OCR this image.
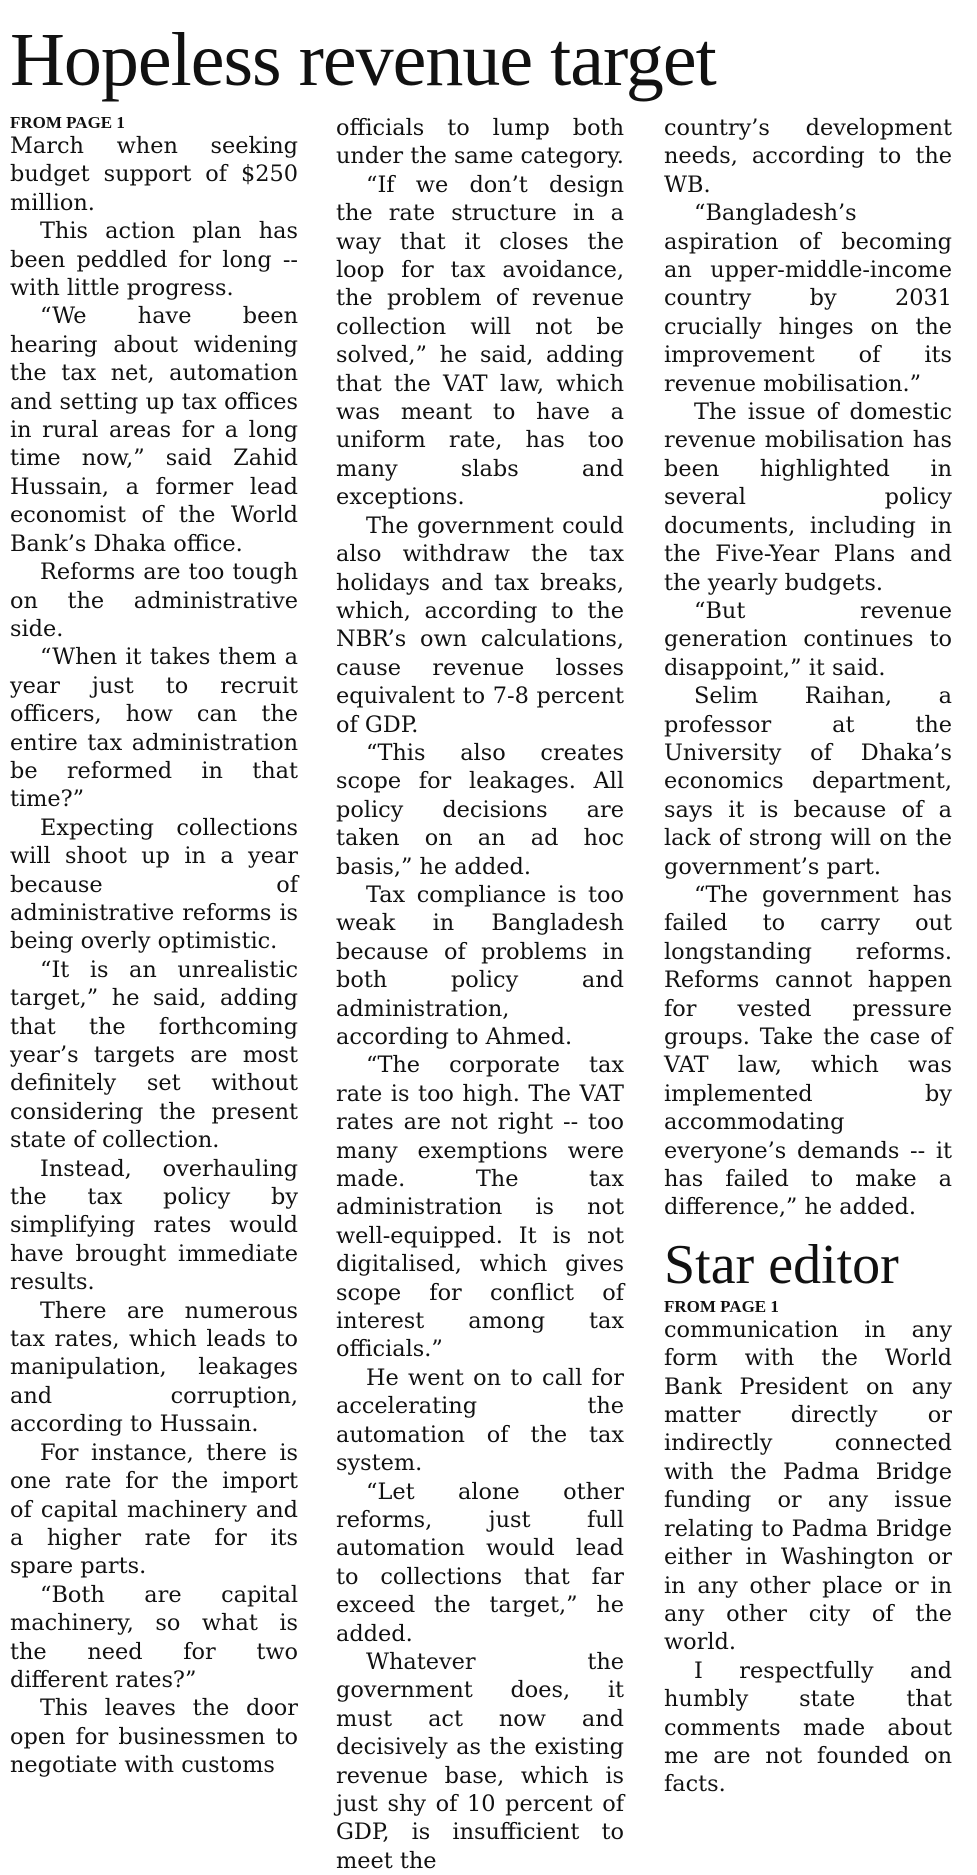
Hopeless revenue target
FROM PAGE 1

March when seeking budget support of $250 million.

This action plan has been peddled for long -- with little progress.

“We have been hearing about widening the tax net, automation and setting up tax offices in rural areas for a long time now,” said Zahid Hussain, a former lead economist of the World Bank’s Dhaka office.

Reforms are too tough on the administrative side.

“When it takes them a year just to recruit officers, how can the entire tax administration be reformed in that time?”

Expecting collections will shoot up in a year because of administrative reforms is being overly optimistic.

“It is an unrealistic target,” he said, adding that the forthcoming year’s targets are most definitely set without considering the present state of collection.

Instead, overhauling the tax policy by simplifying rates would have brought immediate results.

There are numerous tax rates, which leads to manipulation, leakages and corruption, according to Hussain.

For instance, there is one rate for the import of capital machinery and a higher rate for its spare parts.

“Both are capital machinery, so what is the need for two different rates?”

This leaves the door open for businessmen to negotiate with customs

officials to lump both under the same category.

“If we don’t design the rate structure in a way that it closes the loop for tax avoidance, the problem of revenue collection will not be solved,” he said, adding that the VAT law, which was meant to have a uniform rate, has too many slabs and exceptions.

The government could also withdraw the tax holidays and tax breaks, which, according to the NBR’s own calculations, cause revenue losses equivalent to 7-8 percent of GDP.

“This also creates scope for leakages. All policy decisions are taken on an ad hoc basis,” he added.

Tax compliance is too weak in Bangladesh because of problems in both policy and administration, according to Ahmed.

“The corporate tax rate is too high. The VAT rates are not right -- too many exemptions were made. The tax administration is not well-equipped. It is not digitalised, which gives scope for conflict of interest among tax officials.”

He went on to call for accelerating the automation of the tax system.

“Let alone other reforms, just full automation would lead to collections that far exceed the target,” he added.

Whatever the government does, it must act now and decisively as the existing revenue base, which is just shy of 10 percent of GDP, is insufficient to meet the

country’s development needs, according to the WB.

“Bangladesh’s aspiration of becoming an upper-middle-income country by 2031 crucially hinges on the improvement of its revenue mobilisation.”

The issue of domestic revenue mobilisation has been highlighted in several policy documents, including in the Five-Year Plans and the yearly budgets.

“But revenue generation continues to disappoint,” it said.

Selim Raihan, a professor at the University of Dhaka’s economics department, says it is because of a lack of strong will on the government’s part.

“The government has failed to carry out longstanding reforms. Reforms cannot happen for vested pressure groups. Take the case of VAT law, which was implemented by accommodating everyone’s demands -- it has failed to make a difference,” he added.

Star editor
FROM PAGE 1

communication in any form with the World Bank President on any matter directly or indirectly connected with the Padma Bridge funding or any issue relating to Padma Bridge either in Washington or in any other place or in any other city of the world.

I respectfully and humbly state that comments made about me are not founded on facts.
